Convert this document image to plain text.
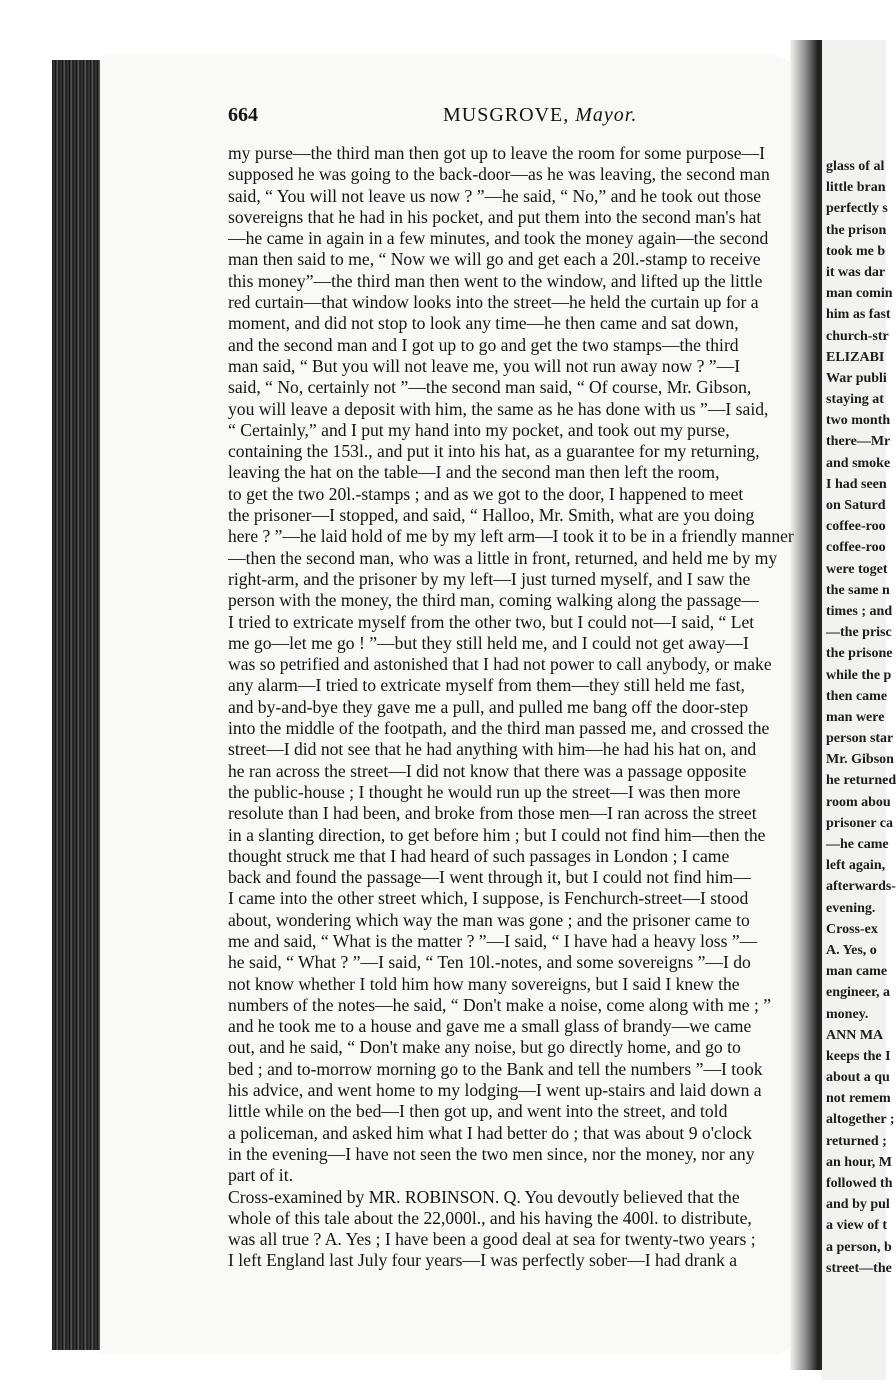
glass of al
little bran
perfectly s
the prison
took me b
it was dar
man comin
him as fast
church-str
ELIZABI
War publi
staying at
two month
there—Mr
and smoke
I had seen
on Saturd
coffee-roo
coffee-roo
were toget
the same n
times ; and
—the prisc
the prisone
while the p
then came
man were
person star
Mr. Gibson
he returned
room abou
prisoner ca
—he came
left again,
afterwards-
evening.
Cross-ex
A. Yes, o
man came
engineer, a
money.
ANN MA
keeps the I
about a qu
not remem
altogether ;
returned ;
an hour, M
followed th
and by pul
a view of t
a person, b
street—the
664	MUSGROVE, Mayor.
my purse—the third man then got up to leave the room for some purpose—I
supposed he was going to the back-door—as he was leaving, the second man
said, “ You will not leave us now ? ”—he said, “ No,” and he took out those
sovereigns that he had in his pocket, and put them into the second man's hat
—he came in again in a few minutes, and took the money again—the second
man then said to me, “ Now we will go and get each a 20l.-stamp to receive
this money”—the third man then went to the window, and lifted up the little
red curtain—that window looks into the street—he held the curtain up for a
moment, and did not stop to look any time—he then came and sat down,
and the second man and I got up to go and get the two stamps—the third
man said, “ But you will not leave me, you will not run away now ? ”—I
said, “ No, certainly not ”—the second man said, “ Of course, Mr. Gibson,
you will leave a deposit with him, the same as he has done with us ”—I said,
“ Certainly,” and I put my hand into my pocket, and took out my purse,
containing the 153l., and put it into his hat, as a guarantee for my returning,
leaving the hat on the table—I and the second man then left the room,
to get the two 20l.-stamps ; and as we got to the door, I happened to meet
the prisoner—I stopped, and said, “ Halloo, Mr. Smith, what are you doing
here ? ”—he laid hold of me by my left arm—I took it to be in a friendly manner
—then the second man, who was a little in front, returned, and held me by my
right-arm, and the prisoner by my left—I just turned myself, and I saw the
person with the money, the third man, coming walking along the passage—
I tried to extricate myself from the other two, but I could not—I said, “ Let
me go—let me go ! ”—but they still held me, and I could not get away—I
was so petrified and astonished that I had not power to call anybody, or make
any alarm—I tried to extricate myself from them—they still held me fast,
and by-and-bye they gave me a pull, and pulled me bang off the door-step
into the middle of the footpath, and the third man passed me, and crossed the
street—I did not see that he had anything with him—he had his hat on, and
he ran across the street—I did not know that there was a passage opposite
the public-house ; I thought he would run up the street—I was then more
resolute than I had been, and broke from those men—I ran across the street
in a slanting direction, to get before him ; but I could not find him—then the
thought struck me that I had heard of such passages in London ; I came
back and found the passage—I went through it, but I could not find him—
I came into the other street which, I suppose, is Fenchurch-street—I stood
about, wondering which way the man was gone ; and the prisoner came to
me and said, “ What is the matter ? ”—I said, “ I have had a heavy loss ”—
he said, “ What ? ”—I said, “ Ten 10l.-notes, and some sovereigns ”—I do
not know whether I told him how many sovereigns, but I said I knew the
numbers of the notes—he said, “ Don't make a noise, come along with me ; ”
and he took me to a house and gave me a small glass of brandy—we came
out, and he said, “ Don't make any noise, but go directly home, and go to
bed ; and to-morrow morning go to the Bank and tell the numbers ”—I took
his advice, and went home to my lodging—I went up-stairs and laid down a
little while on the bed—I then got up, and went into the street, and told
a policeman, and asked him what I had better do ; that was about 9 o'clock
in the evening—I have not seen the two men since, nor the money, nor any
part of it.
Cross-examined by MR. ROBINSON. Q. You devoutly believed that the
whole of this tale about the 22,000l., and his having the 400l. to distribute,
was all true ? A. Yes ; I have been a good deal at sea for twenty-two years ;
I left England last July four years—I was perfectly sober—I had drank a
